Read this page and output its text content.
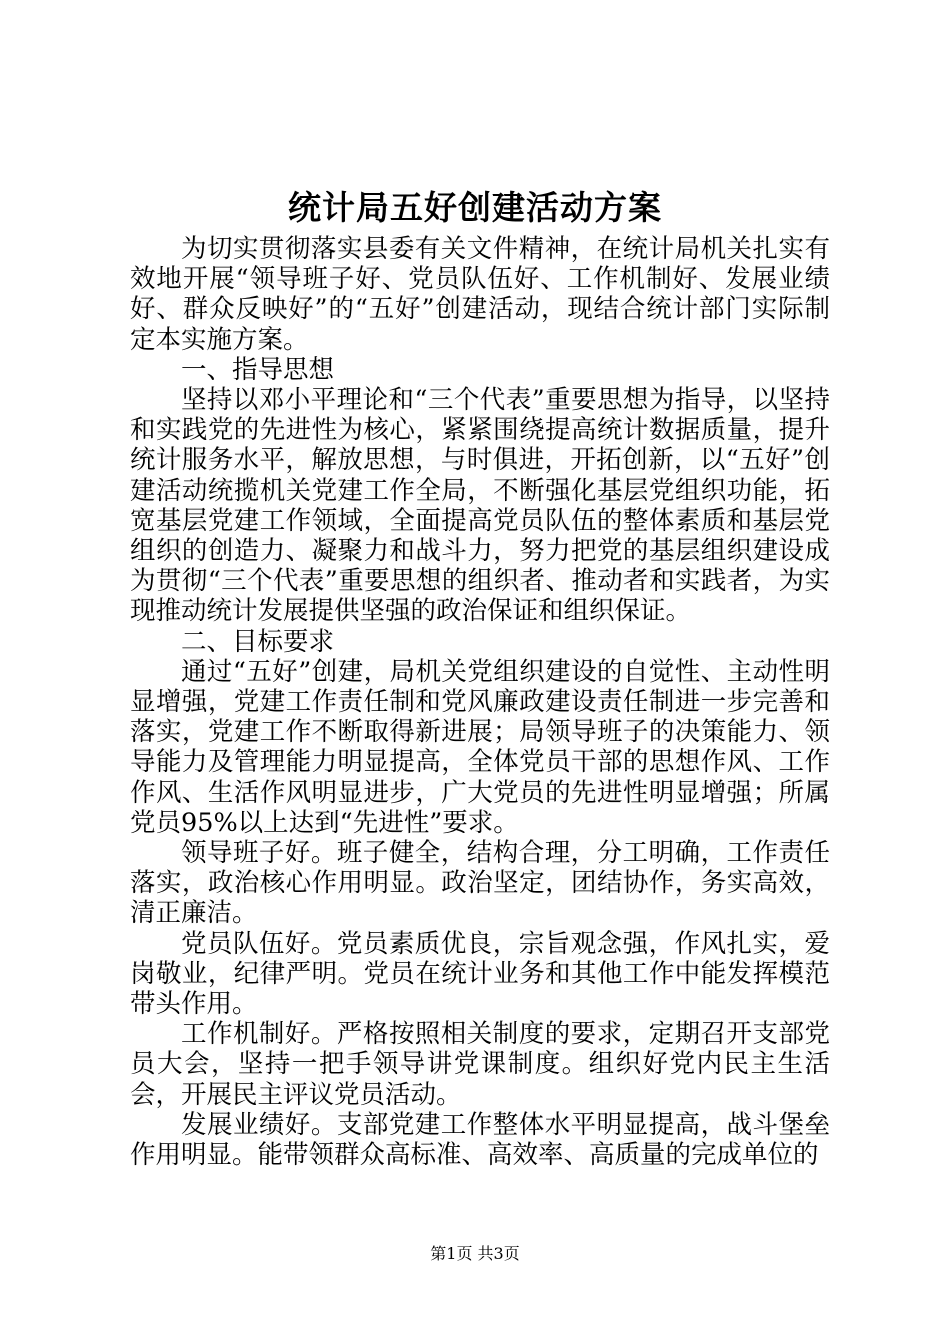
统计局五好创建活动方案

为切实贯彻落实县委有关文件精神，在统计局机关扎实有效地开展“领导班子好、党员队伍好、工作机制好、发展业绩好、群众反映好”的“五好”创建活动，现结合统计部门实际制定本实施方案。

一、指导思想

坚持以邓小平理论和“三个代表”重要思想为指导，以坚持和实践党的先进性为核心，紧紧围绕提高统计数据质量，提升统计服务水平，解放思想，与时俱进，开拓创新，以“五好”创建活动统揽机关党建工作全局，不断强化基层党组织功能，拓宽基层党建工作领域，全面提高党员队伍的整体素质和基层党组织的创造力、凝聚力和战斗力，努力把党的基层组织建设成为贯彻“三个代表”重要思想的组织者、推动者和实践者，为实现推动统计发展提供坚强的政治保证和组织保证。

二、目标要求

通过“五好”创建，局机关党组织建设的自觉性、主动性明显增强，党建工作责任制和党风廉政建设责任制进一步完善和落实，党建工作不断取得新进展；局领导班子的决策能力、领导能力及管理能力明显提高，全体党员干部的思想作风、工作作风、生活作风明显进步，广大党员的先进性明显增强；所属党员95%以上达到“先进性”要求。

领导班子好。班子健全，结构合理，分工明确，工作责任落实，政治核心作用明显。政治坚定，团结协作，务实高效，清正廉洁。

党员队伍好。党员素质优良，宗旨观念强，作风扎实，爱岗敬业，纪律严明。党员在统计业务和其他工作中能发挥模范带头作用。

工作机制好。严格按照相关制度的要求，定期召开支部党员大会，坚持一把手领导讲党课制度。组织好党内民主生活会，开展民主评议党员活动。

发展业绩好。支部党建工作整体水平明显提高，战斗堡垒作用明显。能带领群众高标准、高效率、高质量的完成单位的

第1页 共3页
